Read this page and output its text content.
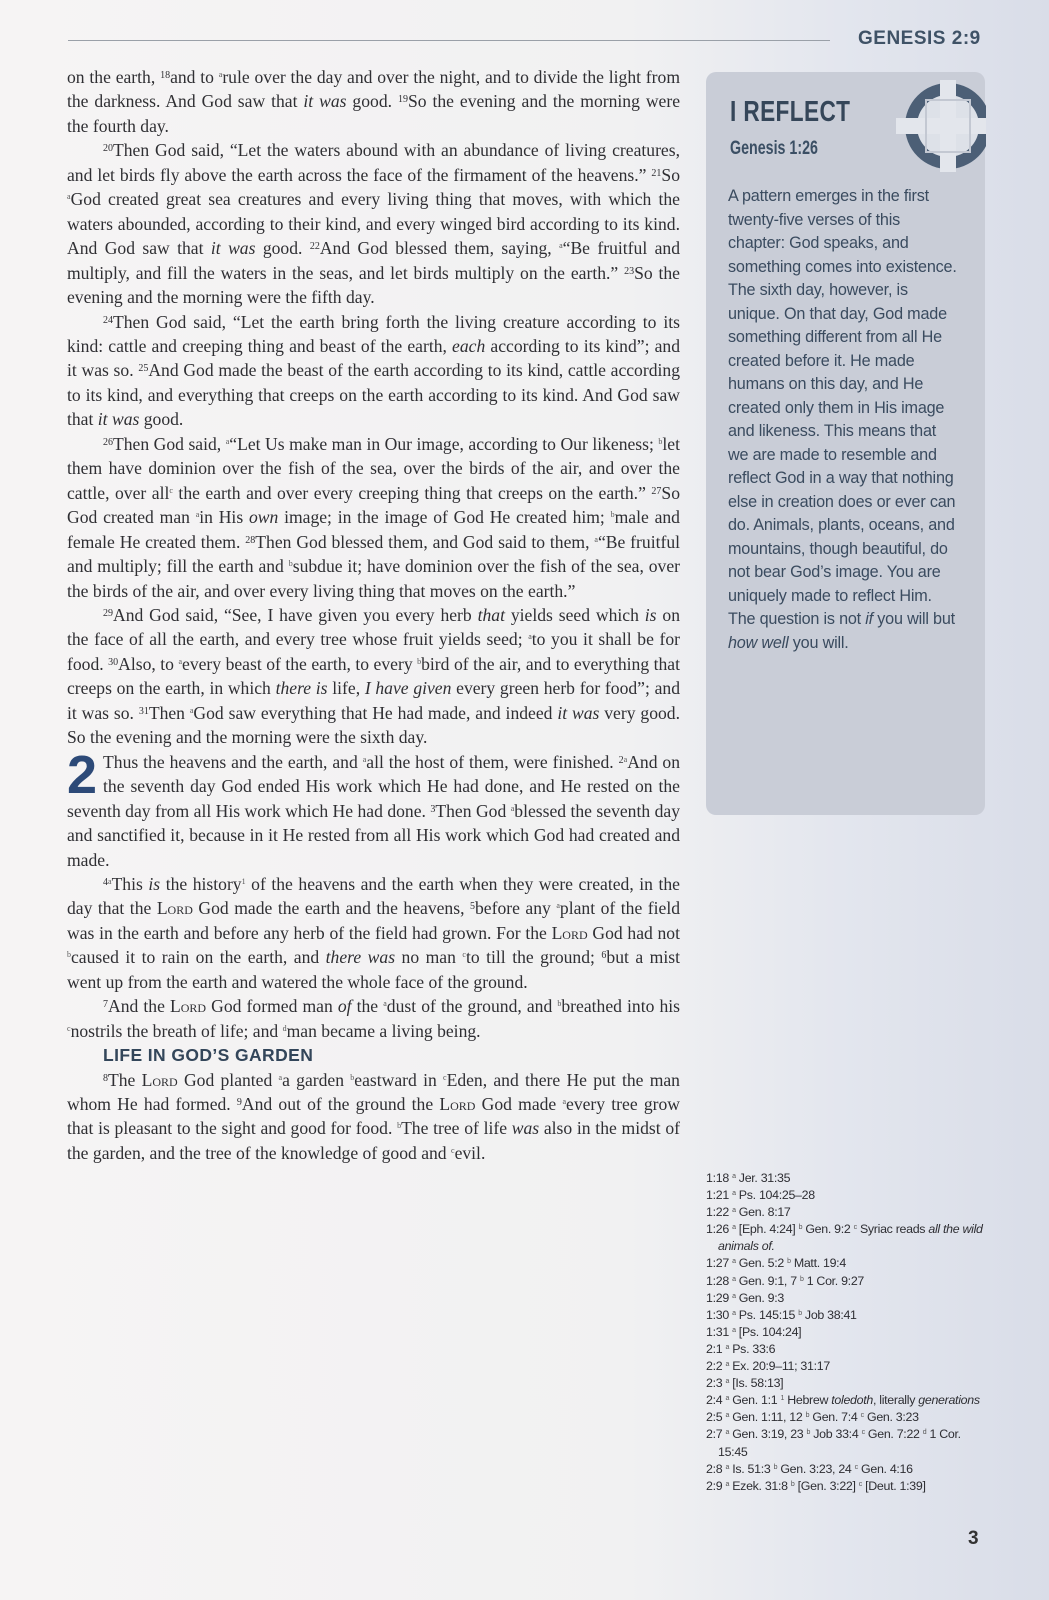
GENESIS 2:9

on the earth, $^{18}$and to $^a$rule over the day and over the night, and to divide the light from the darkness. And God saw that it was good. $^{19}$So the evening and the morning were the fourth day.

$^{20}$Then God said, “Let the waters abound with an abundance of living creatures, and let birds fly above the earth across the face of the firmament of the heavens.” $^{21}$So $^a$God created great sea creatures and every living thing that moves, with which the waters abounded, according to their kind, and every winged bird according to its kind. And God saw that it was good. $^{22}$And God blessed them, saying, $^a$“Be fruitful and multiply, and fill the waters in the seas, and let birds multiply on the earth.” $^{23}$So the evening and the morning were the fifth day.

$^{24}$Then God said, “Let the earth bring forth the living creature according to its kind: cattle and creeping thing and beast of the earth, each according to its kind”; and it was so. $^{25}$And God made the beast of the earth according to its kind, cattle according to its kind, and everything that creeps on the earth according to its kind. And God saw that it was good.

$^{26}$Then God said, $^a$“Let Us make man in Our image, according to Our likeness; $^b$let them have dominion over the fish of the sea, over the birds of the air, and over the cattle, over all$^c$ the earth and over every creeping thing that creeps on the earth.” $^{27}$So God created man $^a$in His own image; in the image of God He created him; $^b$male and female He created them. $^{28}$Then God blessed them, and God said to them, $^a$“Be fruitful and multiply; fill the earth and $^b$subdue it; have dominion over the fish of the sea, over the birds of the air, and over every living thing that moves on the earth.”

$^{29}$And God said, “See, I have given you every herb that yields seed which is on the face of all the earth, and every tree whose fruit yields seed; $^a$to you it shall be for food. $^{30}$Also, to $^a$every beast of the earth, to every $^b$bird of the air, and to everything that creeps on the earth, in which there is life, I have given every green herb for food”; and it was so. $^{31}$Then $^a$God saw everything that He had made, and indeed it was very good. So the evening and the morning were the sixth day.

2 Thus the heavens and the earth, and $^a$all the host of them, were finished. $^{2a}$And on the seventh day God ended His work which He had done, and He rested on the seventh day from all His work which He had done. $^3$Then God $^a$blessed the seventh day and sanctified it, because in it He rested from all His work which God had created and made.

$^{4a}$This is the history$^1$ of the heavens and the earth when they were created, in the day that the Lord God made the earth and the heavens, $^5$before any $^a$plant of the field was in the earth and before any herb of the field had grown. For the Lord God had not $^b$caused it to rain on the earth, and there was no man $^c$to till the ground; $^6$but a mist went up from the earth and watered the whole face of the ground.

$^7$And the Lord God formed man of the $^a$dust of the ground, and $^b$breathed into his $^c$nostrils the breath of life; and $^d$man became a living being.

LIFE IN GOD’S GARDEN

$^8$The Lord God planted $^a$a garden $^b$eastward in $^c$Eden, and there He put the man whom He had formed. $^9$And out of the ground the Lord God made $^a$every tree grow that is pleasant to the sight and good for food. $^b$The tree of life was also in the midst of the garden, and the tree of the knowledge of good and $^c$evil.

I REFLECT
Genesis 1:26
A pattern emerges in the first twenty-five verses of this chapter: God speaks, and something comes into existence. The sixth day, however, is unique. On that day, God made something different from all He created before it. He made humans on this day, and He created only them in His image and likeness. This means that we are made to resemble and reflect God in a way that nothing else in creation does or ever can do. Animals, plants, oceans, and mountains, though beautiful, do not bear God’s image. You are uniquely made to reflect Him. The question is not if you will but how well you will.
1:18 $^a$ Jer. 31:35
1:21 $^a$ Ps. 104:25–28
1:22 $^a$ Gen. 8:17
1:26 $^a$ [Eph. 4:24] $^b$ Gen. 9:2 $^c$ Syriac reads all the wild animals of.
1:27 $^a$ Gen. 5:2 $^b$ Matt. 19:4
1:28 $^a$ Gen. 9:1, 7 $^b$ 1 Cor. 9:27
1:29 $^a$ Gen. 9:3
1:30 $^a$ Ps. 145:15 $^b$ Job 38:41
1:31 $^a$ [Ps. 104:24]
2:1 $^a$ Ps. 33:6
2:2 $^a$ Ex. 20:9–11; 31:17
2:3 $^a$ [Is. 58:13]
2:4 $^a$ Gen. 1:1 $^1$ Hebrew toledoth, literally generations
2:5 $^a$ Gen. 1:11, 12 $^b$ Gen. 7:4 $^c$ Gen. 3:23
2:7 $^a$ Gen. 3:19, 23 $^b$ Job 33:4 $^c$ Gen. 7:22 $^d$ 1 Cor. 15:45
2:8 $^a$ Is. 51:3 $^b$ Gen. 3:23, 24 $^c$ Gen. 4:16
2:9 $^a$ Ezek. 31:8 $^b$ [Gen. 3:22] $^c$ [Deut. 1:39]
3
